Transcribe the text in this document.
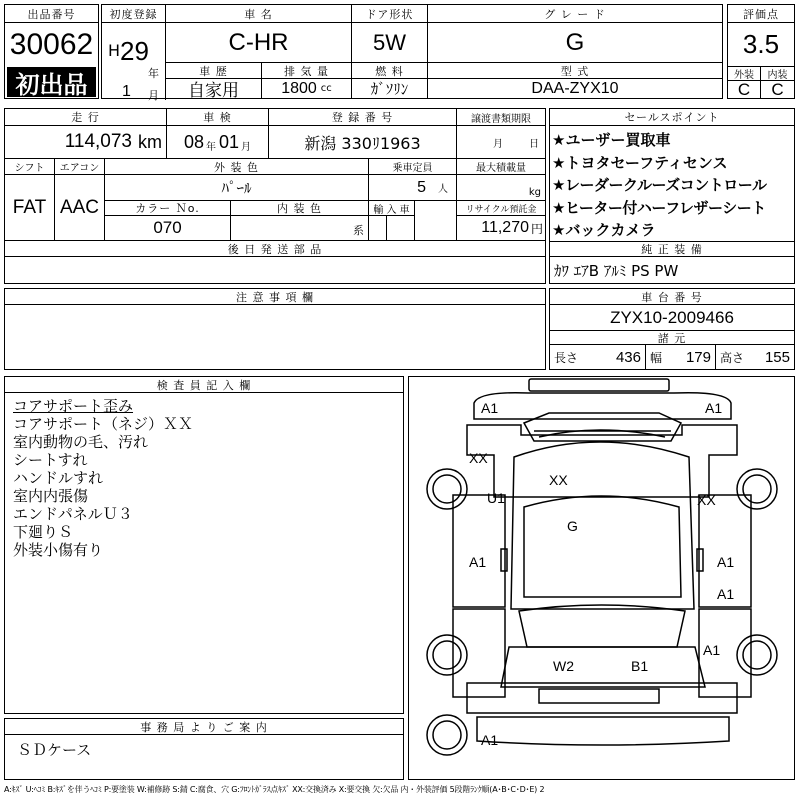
出品番号
30062
初出品
初度登録	車 名	ドア形状	グ レ ー ド
H 29
年
1 月
C-HR	5W	G
車 歴	排 気 量	燃 料	型 式
自家用	1800 cc	ｶﾞｿﾘﾝ	DAA-ZYX10
評価点
3.5
外装	内装
C	C
走 行	車 検	登 録 番 号	譲渡書類期限
114,073 km 08 年 01 月	新潟 330ﾘ1963	月	日
シフト	エアコン	外 装 色	乗車定員	最大積載量
FAT AAC
ﾊﾟｰﾙ	5 人	kg
カラー Ｎo.	内 装 色	輸 入 車	リサイクル預託金
070	系	11,270 円
後 日 発 送 部 品
セールスポイント
★ユーザー買取車
★トヨタセーフティセンス
★レーダークルーズコントロール
★ヒーター付ハーフレザーシート
★バックカメラ
純 正 装 備
ｶﾜ ｴｱB ｱﾙﾐ PS PW
注 意 事 項 欄	車 台 番 号
ZYX10-2009466
諸 元
長さ	436 幅 179 高さ 155
検 査 員 記 入 欄
コアサポート歪み
コアサポート（ネジ）ＸＸ
室内動物の毛、汚れ
シートすれ
ハンドルすれ
室内内張傷
エンドパネルＵ３
下廻りＳ
外装小傷有り
事 務 局 よ り ご 案 内
ＳＤケース
A1	A1
XX
XX
U1	XX
G
A1	A1
A1
A1
W2	B1
A1
A:ｷｽﾞ U:ﾍｺﾐ B:ｷｽﾞを伴うﾍｺﾐ P:要塗装 W:補修跡 S:錆 C:腐食、穴 G:ﾌﾛﾝﾄｶﾞﾗｽ点ｷｽﾞ XX:交換済み X:要交換 欠:欠品 内・外装評価 5段階ﾗﾝｸ順(A･B･C･D･E) 2
